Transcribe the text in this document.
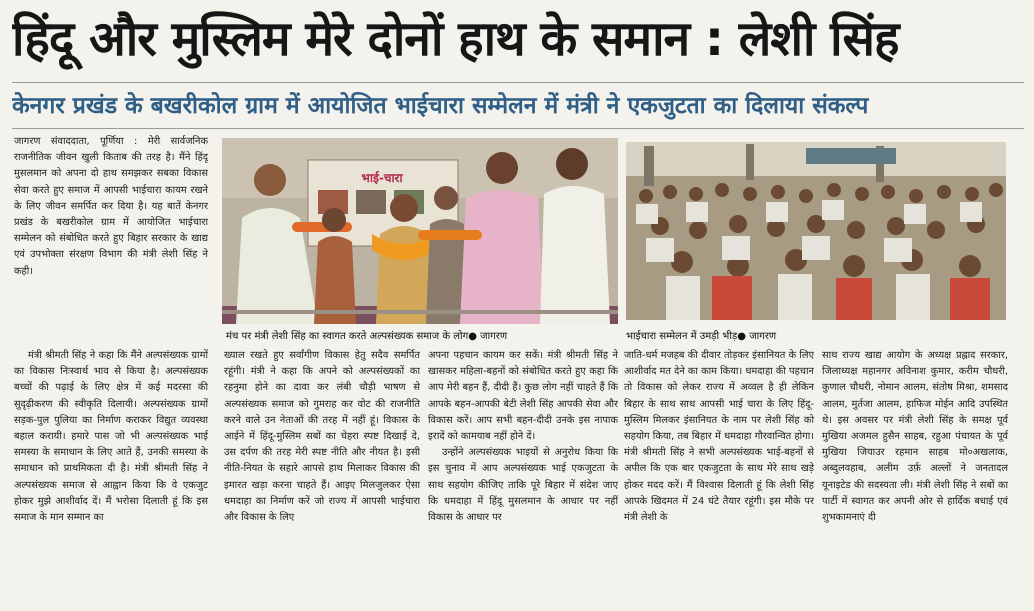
हिंदू और मुस्लिम मेरे दोनों हाथ के समान : लेशी सिंह
केनगर प्रखंड के बखरीकोल ग्राम में आयोजित भाईचारा सम्मेलन में मंत्री ने एकजुटता का दिलाया संकल्प

जागरण संवाददाता, पूर्णिया : मेरी सार्वजनिक राजनीतिक जीवन खुली किताब की तरह है। मैंने हिंदू मुसलमान को अपना दो हाथ समझकर सबका विकास सेवा करते हुए समाज में आपसी भाईचारा कायम रखने के लिए जीवन समर्पित कर दिया है। यह बातें केनगर प्रखंड के बखरीकोल ग्राम में आयोजित भाईचारा सम्मेलन को संबोधित करते हुए बिहार सरकार के खाद्य एवं उपभोक्ता संरक्षण विभाग की मंत्री लेशी सिंह ने कही।

भाई-चारा
मंच पर मंत्री लेशी सिंह का स्वागत करते अल्पसंख्यक समाज के लोग● जागरण	भाईचारा सम्मेलन में उमड़ी भीड़● जागरण

मंत्री श्रीमती सिंह ने कहा कि मैंने अल्पसंख्यक ग्रामों का विकास निःस्वार्थ भाव से किया है। अल्पसंख्यक बच्चों की पढ़ाई के लिए क्षेत्र में कई मदरसा की सुदृढ़ीकरण की स्वीकृति दिलायी। अल्पसंख्यक ग्रामों सड़क-पुल पुलिया का निर्माण कराकर विद्युत व्यवस्था बहाल करायी। हमारे पास जो भी अल्पसंख्यक भाई समस्या के समाधान के लिए आते हैं, उनकी समस्या के समाधान को प्राथमिकता दी है। मंत्री श्रीमती सिंह ने अल्पसंख्यक समाज से आह्वान किया कि वे एकजुट होकर मुझे आशीर्वाद दें। मैं भरोसा दिलाती हूं कि इस समाज के मान सम्मान का

ख्याल रखते हुए सर्वांगीण विकास हेतु सदैव समर्पित रहूंगी। मंत्री ने कहा कि अपने को अल्पसंख्यकों का रहनुमा होने का दावा कर लंबी चौड़ी भाषण से अल्पसंख्यक समाज को गुमराह कर वोट की राजनीति करने वाले उन नेताओं की तरह में नहीं हूं। विकास के आईने में हिंदू-मुस्लिम सबों का चेहरा स्पष्ट दिखाई दे, उस दर्पण की तरह मेरी स्पष्ट नीति और नीयत है। इसी नीति-नियत के सहारे आपसे हाथ मिलाकर विकास की इमारत खड़ा करना चाहते हैं। आइए मिलजुलकर ऐसा धमदाहा का निर्माण करें जो राज्य में आपसी भाईचारा और विकास के लिए

अपना पहचान कायम कर सकें। मंत्री श्रीमती सिंह ने खासकर महिला-बहनों को संबोधित करते हुए कहा कि आप मेरी बहन हैं, दीदी हैं। कुछ लोग नहीं चाहते हैं कि आपके बहन-आपकी बेटी लेशी सिंह आपकी सेवा और विकास करें। आप सभी बहन-दीदी उनके इस नापाक इरादें को कामयाब नहीं होने दें।

उन्होंने अल्पसंख्यक भाइयों से अनुरोध किया कि इस चुनाव में आप अल्पसंख्यक भाई एकजुटता के साथ सहयोग कीजिए ताकि पूरे बिहार में संदेश जाए कि धमदाहा में हिंदू मुसलमान के आधार पर नहीं विकास के आधार पर

जाति-धर्म मजहब की दीवार तोड़कर इंसानियत के लिए आशीर्वाद मत देने का काम किया। धमदाहा की पहचान तो विकास को लेकर राज्य में अव्वल है ही लेकिन बिहार के साथ साथ आपसी भाई चारा के लिए हिंदू- मुस्लिम मिलकर इंसानियत के नाम पर लेशी सिंह को सहयोग किया, तब बिहार में धमदाहा गौरवान्वित होगा। मंत्री श्रीमती सिंह ने सभी अल्पसंख्यक भाई-बहनों से अपील कि एक बार एकजुटता के साथ मेरे साथ खड़े होकर मदद करें। मैं विश्वास दिलाती हूं कि लेशी सिंह आपके खिदमत में 24 घंटे तैयार रहूंगी। इस मौके पर मंत्री लेशी के

साथ राज्य खाद्य आयोग के अध्यक्ष प्रह्लाद सरकार, जिलाध्यक्ष महानगर अविनाश कुमार, करीम चौधरी, कुणाल चौधरी, नोमान आलम, संतोष मिश्रा, शमसाद आलम, मुर्तजा आलम, हाफिज मोईन आदि उपस्थित थे। इस अवसर पर मंत्री लेशी सिंह के समक्ष पूर्व मुखिया अजमल हुसैन साहब, रहुआ पंचायत के पूर्व मुखिया जियाउर रहमान साहब मो०अखलाक, अब्दुलवहाब, अलीम उर्फ़ अल्लों ने जनतादल यूनाइटेड की सदस्यता ली। मंत्री लेशी सिंह ने सबों का पार्टी में स्वागत कर अपनी ओर से हार्दिक बधाई एवं शुभकामनाएं दी
